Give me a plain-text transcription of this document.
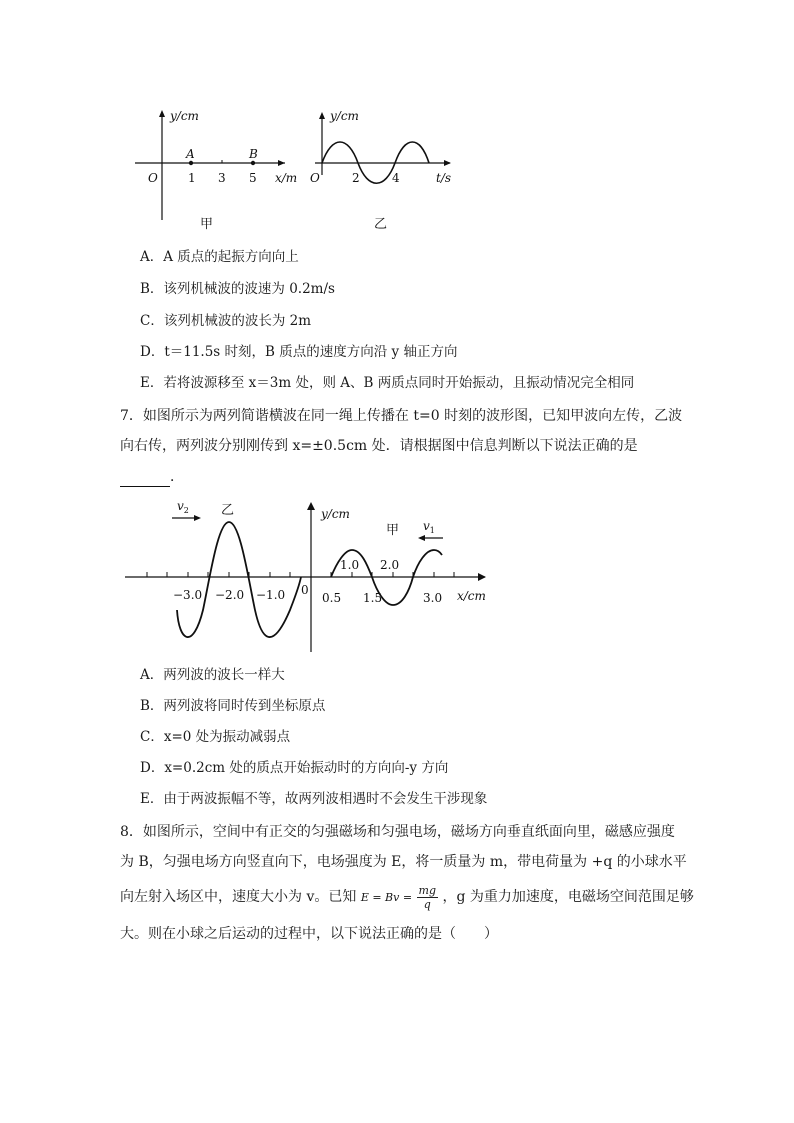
y/cm
x/m
O
A	B
1 3 5
甲
y/cm
t/s
O	2	4
乙
A．A 质点的起振方向向上
B．该列机械波的波速为 0.2m/s
C．该列机械波的波长为 2m
D．t＝11.5s 时刻，B 质点的速度方向沿 y 轴正方向
E．若将波源移至 x＝3m 处，则 A、B 两质点同时开始振动，且振动情况完全相同
7．如图所示为两列简谐横波在同一绳上传播在 t=0 时刻的波形图，已知甲波向左传，乙波
向右传，两列波分别刚传到 x=±0.5cm 处．请根据图中信息判断以下说法正确的是
．
y/cm
x/cm
0
乙
甲
$v_2$
$v_1$
1.0 2.0
−3.0 −2.0 −1.0	0.5 1.5	3.0
A．两列波的波长一样大
B．两列波将同时传到坐标原点
C．x=0 处为振动减弱点
D．x=0.2cm 处的质点开始振动时的方向向-y 方向
E．由于两波振幅不等，故两列波相遇时不会发生干涉现象
8．如图所示，空间中有正交的匀强磁场和匀强电场，磁场方向垂直纸面向里，磁感应强度
为 B，匀强电场方向竖直向下，电场强度为 E，将一质量为 m，带电荷量为 +q 的小球水平
向左射入场区中，速度大小为 v。已知 $E = Bv = \frac{mg}{q}$ ，g 为重力加速度，电磁场空间范围足够
大。则在小球之后运动的过程中，以下说法正确的是（　　）
